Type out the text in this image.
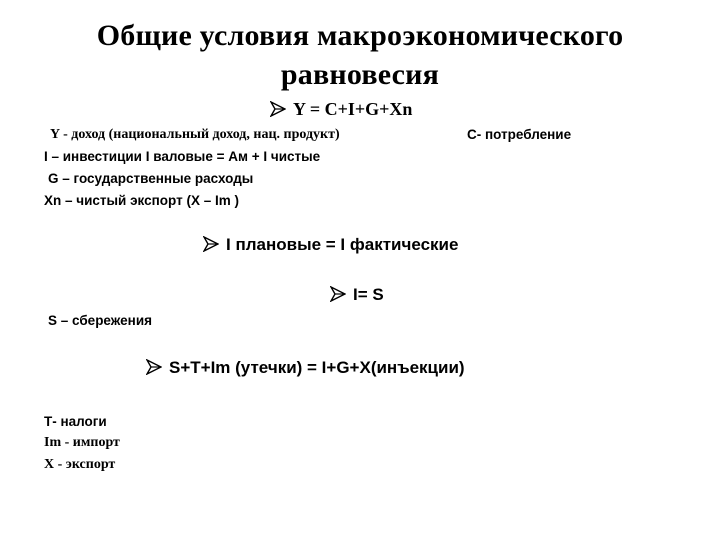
Общие условия макроэкономического
равновесия
Y = C+I+G+Xn
Y - доход (национальный доход, нац. продукт)	С- потребление
I – инвестиции I валовые = Ам + I чистые
G – государственные расходы
Xn – чистый экспорт (X – Im )
I плановые = I фактические
I= S
S – сбережения
S+T+Im (утечки) = I+G+X(инъекции)
Т- налоги
Im - импорт
X - экспорт
